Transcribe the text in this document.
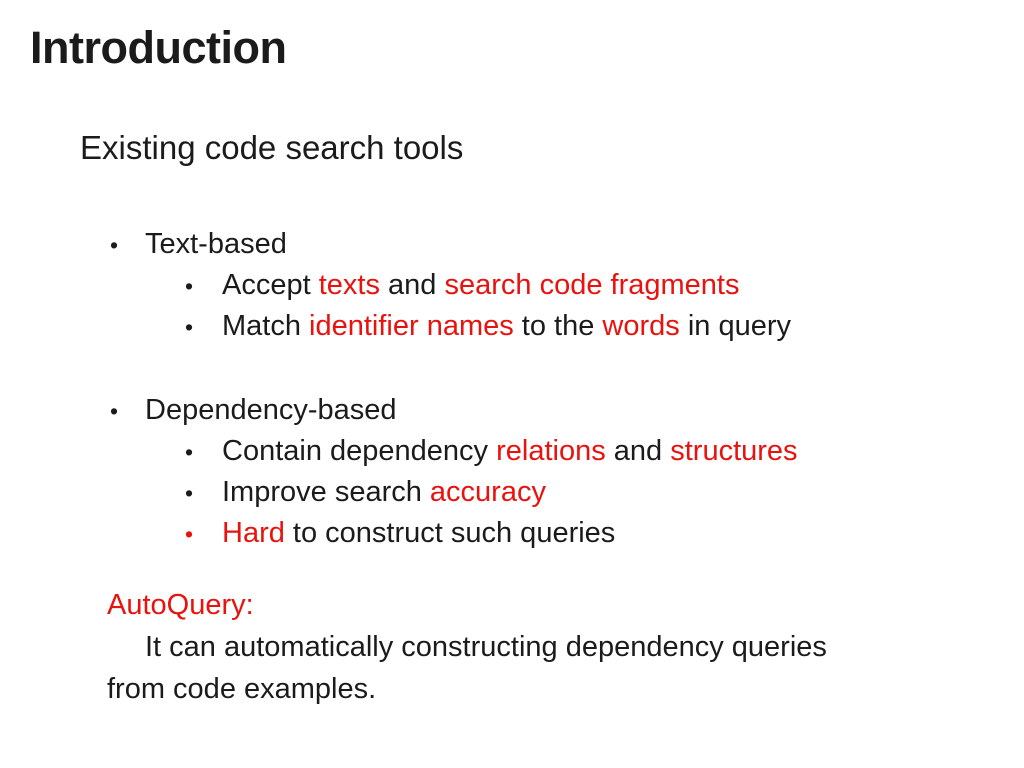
Introduction
Existing code search tools
• Text-based
• Accept texts and search code fragments
• Match identifier names to the words in query
• Dependency-based
• Contain dependency relations and structures
• Improve search accuracy
• Hard to construct such queries
AutoQuery:
It can automatically constructing dependency queries
from code examples.
